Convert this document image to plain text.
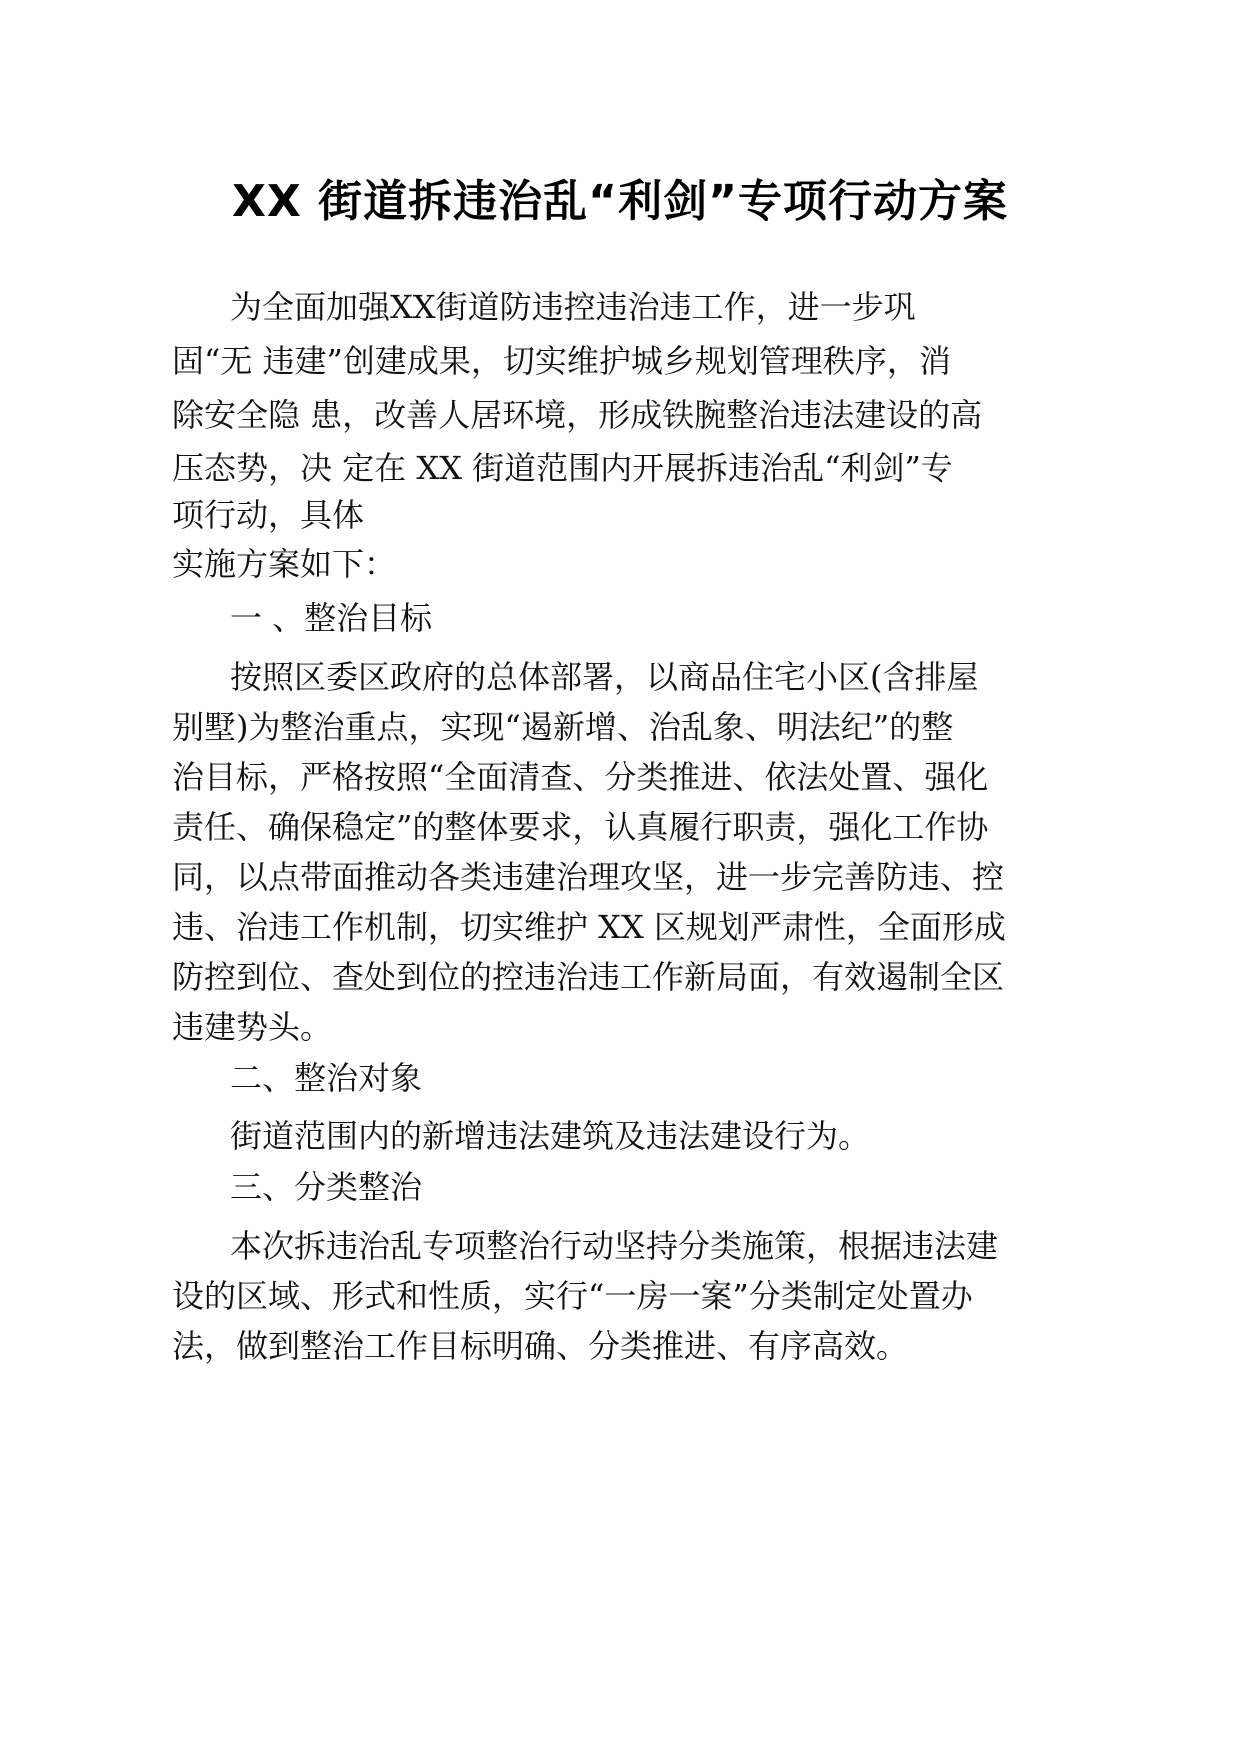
XX 街道拆违治乱“利剑”专项行动方案

为全面加强XX街道防违控违治违工作，进一步巩

固“无 违建”创建成果，切实维护城乡规划管理秩序，消

除安全隐 患，改善人居环境，形成铁腕整治违法建设的高

压态势，决 定在 XX 街道范围内开展拆违治乱“利剑”专

项行动，具体

实施方案如下：

一 、整治目标

按照区委区政府的总体部署，以商品住宅小区(含排屋

别墅)为整治重点，实现“遏新增、治乱象、明法纪”的整

治目标，严格按照“全面清查、分类推进、依法处置、强化

责任、确保稳定”的整体要求，认真履行职责，强化工作协

同，以点带面推动各类违建治理攻坚，进一步完善防违、控

违、治违工作机制，切实维护 XX 区规划严肃性，全面形成

防控到位、查处到位的控违治违工作新局面，有效遏制全区

违建势头。

二、整治对象

街道范围内的新增违法建筑及违法建设行为。

三、分类整治

本次拆违治乱专项整治行动坚持分类施策，根据违法建

设的区域、形式和性质，实行“一房一案”分类制定处置办

法，做到整治工作目标明确、分类推进、有序高效。
